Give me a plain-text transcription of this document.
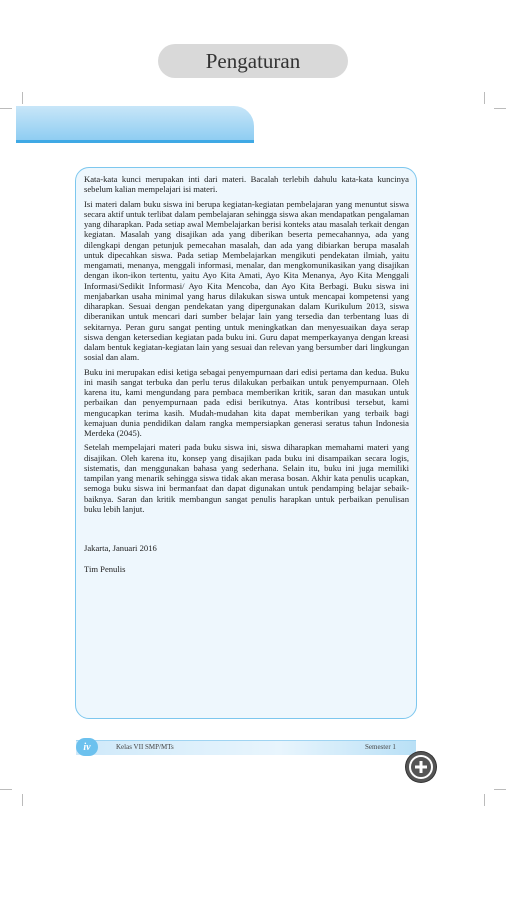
Pengaturan

Kata-kata kunci merupakan inti dari materi. Bacalah terlebih dahulu kata-kata kuncinya sebelum kalian mempelajari isi materi.

Isi materi dalam buku siswa ini berupa kegiatan-kegiatan pembelajaran yang menuntut siswa secara aktif untuk terlibat dalam pembelajaran sehingga siswa akan mendapatkan pengalaman yang diharapkan. Pada setiap awal Membelajarkan berisi konteks atau masalah terkait dengan kegiatan. Masalah yang disajikan ada yang diberikan beserta pemecahannya, ada yang dilengkapi dengan petunjuk pemecahan masalah, dan ada yang dibiarkan berupa masalah untuk dipecahkan siswa. Pada setiap Membelajarkan mengikuti pendekatan ilmiah, yaitu mengamati, menanya, menggali informasi, menalar, dan mengkomunikasikan yang disajikan dengan ikon-ikon tertentu, yaitu Ayo Kita Amati, Ayo Kita Menanya, Ayo Kita Menggali Informasi/Sedikit Informasi/ Ayo Kita Mencoba, dan Ayo Kita Berbagi. Buku siswa ini menjabarkan usaha minimal yang harus dilakukan siswa untuk mencapai kompetensi yang diharapkan. Sesuai dengan pendekatan yang dipergunakan dalam Kurikulum 2013, siswa diberanikan untuk mencari dari sumber belajar lain yang tersedia dan terbentang luas di sekitarnya. Peran guru sangat penting untuk meningkatkan dan menyesuaikan daya serap siswa dengan ketersedian kegiatan pada buku ini. Guru dapat memperkayanya dengan kreasi dalam bentuk kegiatan-kegiatan lain yang sesuai dan relevan yang bersumber dari lingkungan sosial dan alam.

Buku ini merupakan edisi ketiga sebagai penyempurnaan dari edisi pertama dan kedua. Buku ini masih sangat terbuka dan perlu terus dilakukan perbaikan untuk penyempurnaan. Oleh karena itu, kami mengundang para pembaca memberikan kritik, saran dan masukan untuk perbaikan dan penyempurnaan pada edisi berikutnya. Atas kontribusi tersebut, kami mengucapkan terima kasih. Mudah-mudahan kita dapat memberikan yang terbaik bagi kemajuan dunia pendidikan dalam rangka mempersiapkan generasi seratus tahun Indonesia Merdeka (2045).

Setelah mempelajari materi pada buku siswa ini, siswa diharapkan memahami materi yang disajikan. Oleh karena itu, konsep yang disajikan pada buku ini disampaikan secara logis, sistematis, dan menggunakan bahasa yang sederhana. Selain itu, buku ini juga memiliki tampilan yang menarik sehingga siswa tidak akan merasa bosan. Akhir kata penulis ucapkan, semoga buku siswa ini bermanfaat dan dapat digunakan untuk pendamping belajar sebaik-baiknya. Saran dan kritik membangun sangat penulis harapkan untuk perbaikan penulisan buku lebih lanjut.

Jakarta, Januari 2016

Tim Penulis

iv	Kelas VII SMP/MTs	Semester 1
